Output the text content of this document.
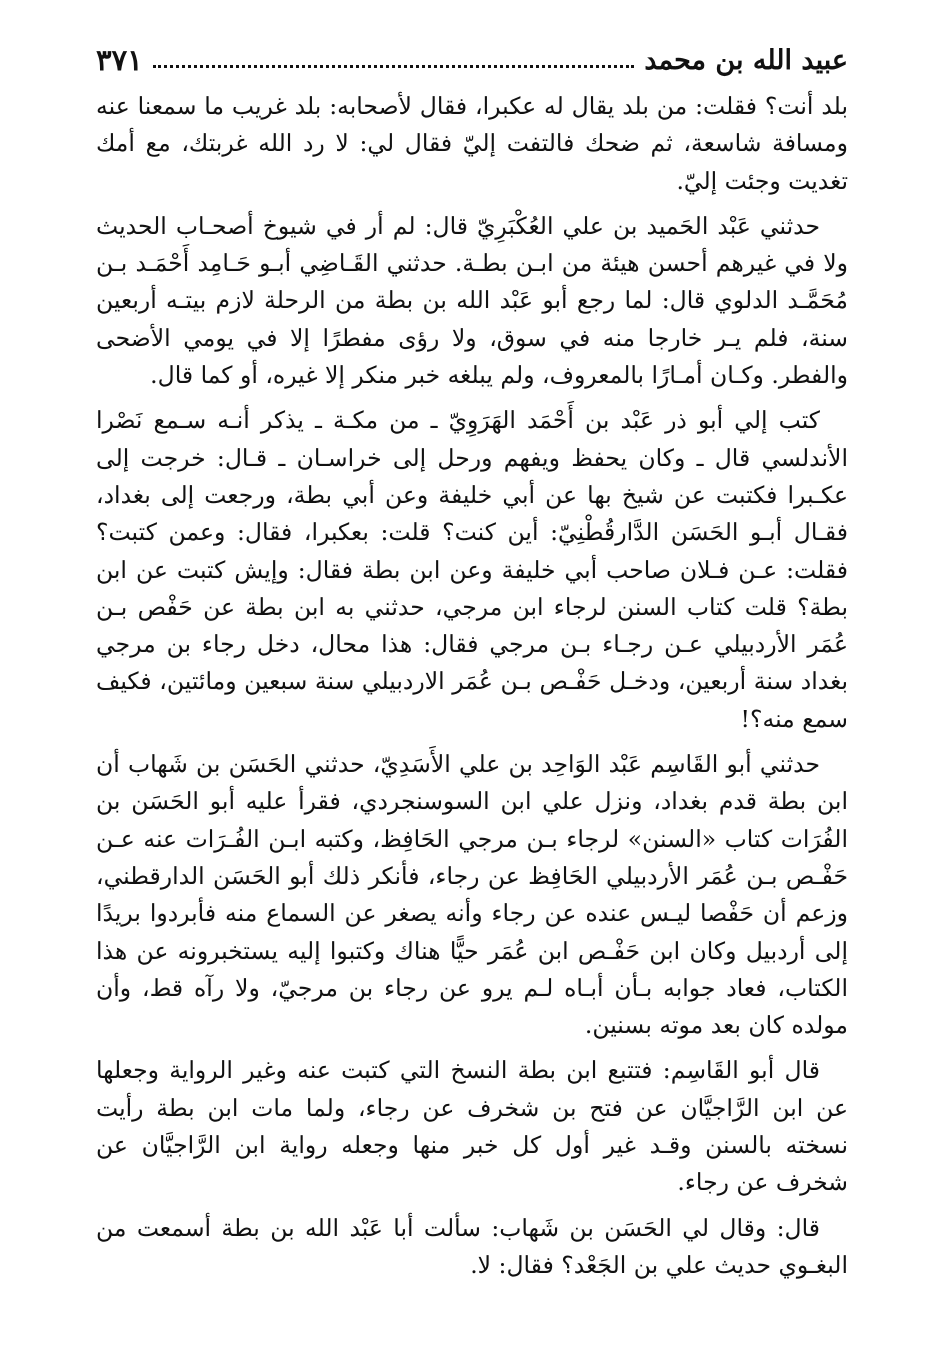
عبيد الله بن محمد
٣٧١

بلد أنت؟ فقلت: من بلد يقال له عكبرا، فقال لأصحابه: بلد غريب ما سمعنا عنه ومسافة شاسعة، ثم ضحك فالتفت إليّ فقال لي: لا رد الله غربتك، مع أمك تغديت وجئت إليّ.

حدثني عَبْد الحَميد بن علي العُكْبَرِيّ قال: لم أر في شيوخ أصحـاب الحديث ولا في غيرهم أحسن هيئة من ابـن بطـة. حدثني القَـاضِي أبـو حَـامِد أَحْمَـد بـن مُحَمَّـد الدلوي قال: لما رجع أبو عَبْد الله بن بطة من الرحلة لازم بيتـه أربعين سنة، فلم يـر خارجا منه في سوق، ولا رؤى مفطرًا إلا في يومي الأضحى والفطر. وكـان أمـارًا بالمعروف، ولم يبلغه خبر منكر إلا غيره، أو كما قال.

كتب إلي أبو ذر عَبْد بن أَحْمَد الهَرَوِيّ ـ من مكـة ـ يذكر أنـه سـمع نَصْرا الأندلسي قال ـ وكان يحفظ ويفهم ورحل إلى خراسـان ـ قـال: خرجت إلى عكـبرا فكتبت عن شيخ بها عن أبي خليفة وعن أبي بطة، ورجعت إلى بغداد، فقـال أبـو الحَسَن الدَّارقُطْنِيّ: أين كنت؟ قلت: بعكبرا، فقال: وعمن كتبت؟ فقلت: عـن فـلان صاحب أبي خليفة وعن ابن بطة فقال: وإيش كتبت عن ابن بطة؟ قلت كتاب السنن لرجاء ابن مرجي، حدثني به ابن بطة عن حَفْص بـن عُمَر الأردبيلي عـن رجـاء بـن مرجي فقال: هذا محال، دخل رجاء بن مرجي بغداد سنة أربعين، ودخـل حَفْـص بـن عُمَر الاردبيلي سنة سبعين ومائتين، فكيف سمع منه؟!

حدثني أبو القَاسِم عَبْد الوَاحِد بن علي الأَسَدِيّ، حدثني الحَسَن بن شَهاب أن ابن بطة قدم بغداد، ونزل علي ابن السوسنجردي، فقرأ عليه أبو الحَسَن بن الفُرَات كتاب «السنن» لرجاء بـن مرجي الحَافِظ، وكتبه ابـن الفُـرَات عنه عـن حَفْـص بـن عُمَر الأردبيلي الحَافِظ عن رجاء، فأنكر ذلك أبو الحَسَن الدارقطني، وزعم أن حَفْصا ليـس عنده عن رجاء وأنه يصغر عن السماع منه فأبردوا بريدًا إلى أردبيل وكان ابن حَفْـص ابن عُمَر حيًّا هناك وكتبوا إليه يستخبرونه عن هذا الكتاب، فعاد جوابه بـأن أبـاه لـم يرو عن رجاء بن مرجيّ، ولا رآه قط، وأن مولده كان بعد موته بسنين.

قال أبو القَاسِم: فتتبع ابن بطة النسخ التي كتبت عنه وغير الرواية وجعلها عن ابن الرَّاجيَّان عن فتح بن شخرف عن رجاء، ولما مات ابن بطة رأيت نسخته بالسنن وقـد غير أول كل خبر منها وجعله رواية ابن الرَّاجيَّان عن شخرف عن رجاء.

قال: وقال لي الحَسَن بن شَهاب: سألت أبا عَبْد الله بن بطة أسمعت من البغـوي حديث علي بن الجَعْد؟ فقال: لا.
